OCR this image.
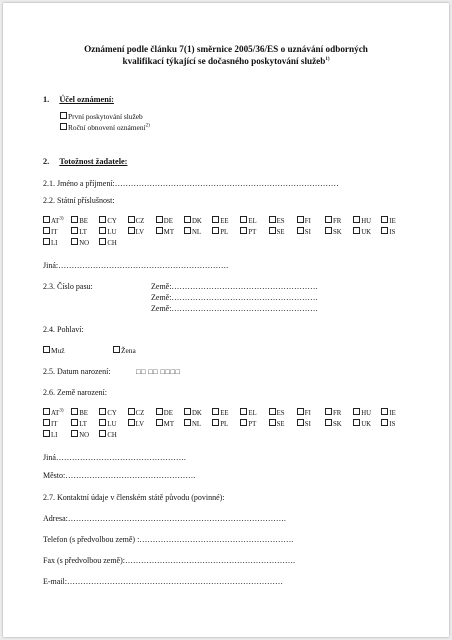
Oznámení podle článku 7(1) směrnice 2005/36/ES o uznávání odborných
kvalifikací týkající se dočasného poskytování služeb$^{1)}$
1. Účel oznámení:
První poskytování služeb
Roční obnovení oznámení$^{2)}$
2. Totožnost žadatele:
2.1. Jméno a příjmení:…………………………………………………………………………
2.2. Státní příslušnost:
Jiná:……………………………………………………….
2.3. Číslo pasu:	Země:……………………………………………….
Země:……………………………………………….
Země:……………………………………………….
2.4. Pohlaví:
Muž	Žena
2.5. Datum narození:	□□ □□ □□□□
2.6. Země narození:
Jiná………………………………………….
Město:………………………………………….
2.7. Kontaktní údaje v členském státě původu (povinné):
Adresa:……………………………………………………………………….
Telefon (s předvolbou země) :………………………………………………….
Fax (s předvolbou země):……………………………………………………….
E-mail:………………………………………………………………………
AT$^{3)}$	BE	CY	CZ	DE	DK	EE	EL	ES	FI	FR	HU	IE
IT	LT	LU	LV	MT	NL	PL	PT	SE	SI	SK	UK	IS
LI	NO	CH
AT$^{3)}$	BE	CY	CZ	DE	DK	EE	EL	ES	FI	FR	HU	IE
IT	LT	LU	LV	MT	NL	PL	PT	SE	SI	SK	UK	IS
LI	NO	CH
